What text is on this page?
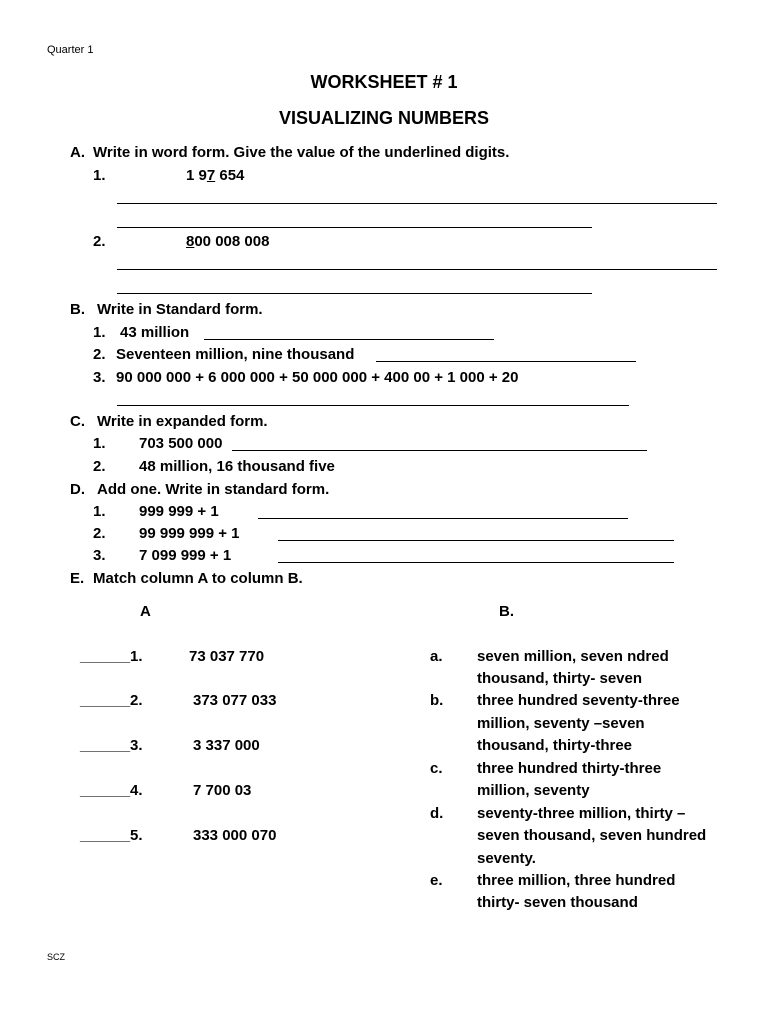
Quarter 1
WORKSHEET # 1
VISUALIZING NUMBERS
A. Write in word form. Give the value of the underlined digits.
1.	1 97 654
2.	800 008 008
B. Write in Standard form.
1. 43 million
2. Seventeen million, nine thousand
3. 90 000 000 + 6 000 000 + 50 000 000 + 400 00 + 1 000 + 20
C. Write in expanded form.
1. 703 500 000
2. 48 million, 16 thousand five
D. Add one. Write in standard form.
1. 999 999 + 1
2. 99 999 999 + 1
3. 7 099 999 + 1
E. Match column A to column B.
A	B.
______1.	73 037 770
______2.	373 077 033
______3.	3 337 000
______4.	7 700 03
______5.	333 000 070
a. seven million, seven ndred
thousand, thirty- seven
b. three hundred seventy-three
million, seventy –seven
thousand, thirty-three
c. three hundred thirty-three
million, seventy
d. seventy-three million, thirty –
seven thousand, seven hundred
seventy.
e. three million, three hundred
thirty- seven thousand
SCZ
